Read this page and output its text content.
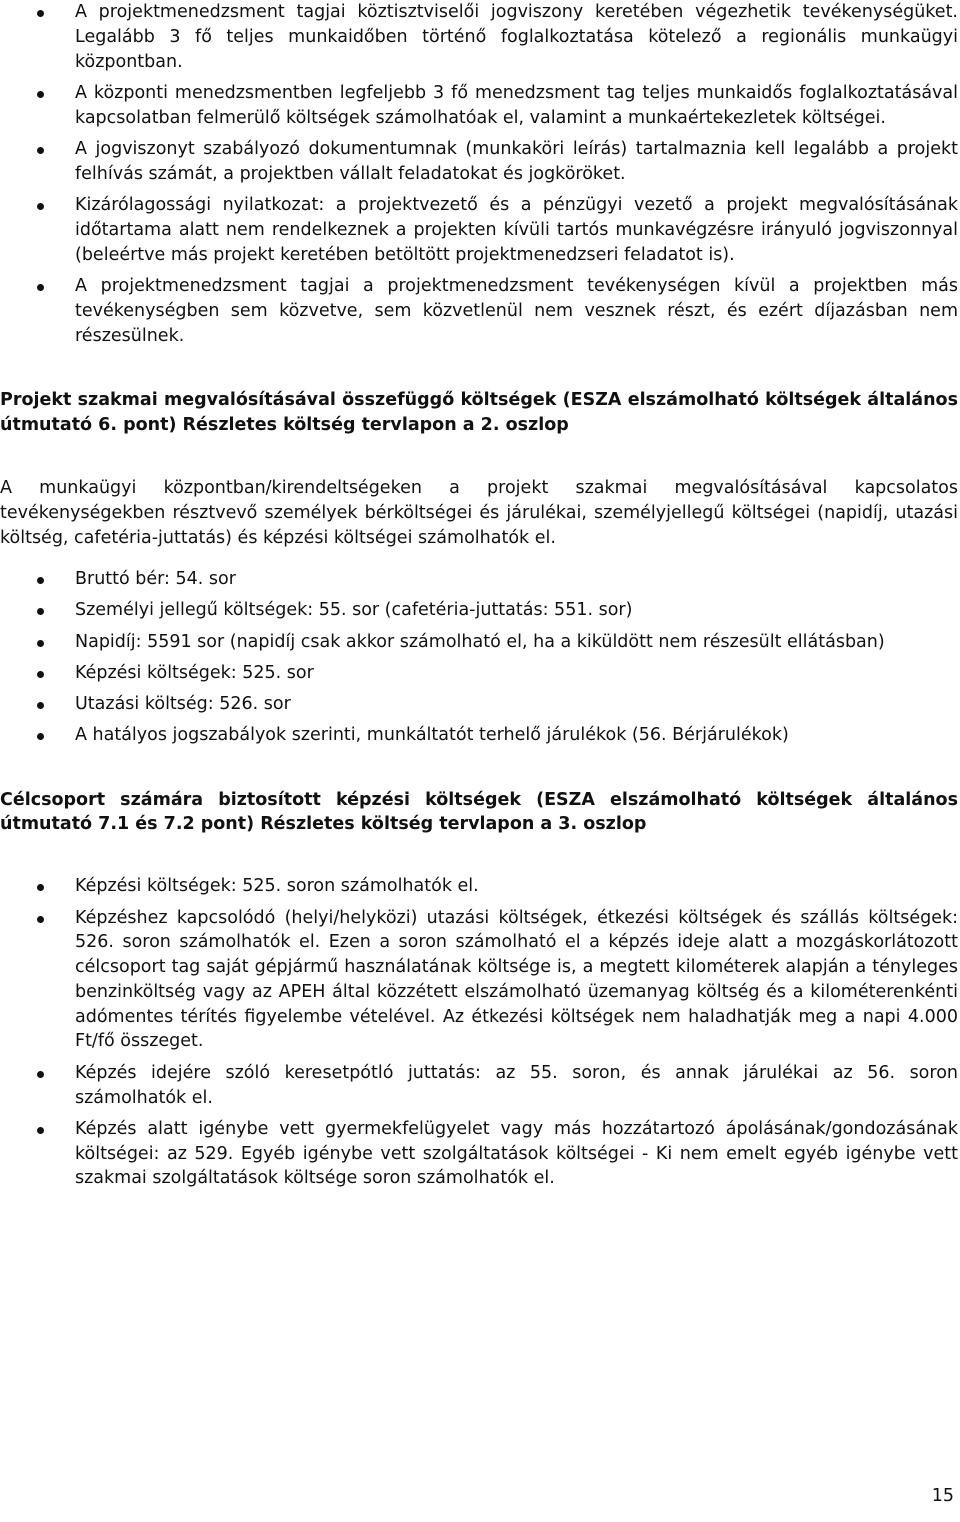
A projektmenedzsment tagjai köztisztviselői jogviszony keretében végezhetik tevékenységüket. Legalább 3 fő teljes munkaidőben történő foglalkoztatása kötelező a regionális munkaügyi központban.
A központi menedzsmentben legfeljebb 3 fő menedzsment tag teljes munkaidős foglalkoztatásával kapcsolatban felmerülő költségek számolhatóak el, valamint a munkaértekezletek költségei.
A jogviszonyt szabályozó dokumentumnak (munkaköri leírás) tartalmaznia kell legalább a projekt felhívás számát, a projektben vállalt feladatokat és jogköröket.
Kizárólagossági nyilatkozat: a projektvezető és a pénzügyi vezető a projekt megvalósításának időtartama alatt nem rendelkeznek a projekten kívüli tartós munkavégzésre irányuló jogviszonnyal (beleértve más projekt keretében betöltött projektmenedzseri feladatot is).
A projektmenedzsment tagjai a projektmenedzsment tevékenységen kívül a projektben más tevékenységben sem közvetve, sem közvetlenül nem vesznek részt, és ezért díjazásban nem részesülnek.

Projekt szakmai megvalósításával összefüggő költségek (ESZA elszámolható költségek általános útmutató 6. pont) Részletes költség tervlapon a 2. oszlop

A munkaügyi központban/kirendeltségeken a projekt szakmai megvalósításával kapcsolatos tevékenységekben résztvevő személyek bérköltségei és járulékai, személyjellegű költségei (napidíj, utazási költség, cafetéria-juttatás) és képzési költségei számolhatók el.

Bruttó bér: 54. sor
Személyi jellegű költségek: 55. sor (cafetéria-juttatás: 551. sor)
Napidíj: 5591 sor (napidíj csak akkor számolható el, ha a kiküldött nem részesült ellátásban)
Képzési költségek: 525. sor
Utazási költség: 526. sor
A hatályos jogszabályok szerinti, munkáltatót terhelő járulékok (56. Bérjárulékok)

Célcsoport számára biztosított képzési költségek (ESZA elszámolható költségek általános útmutató 7.1 és 7.2 pont) Részletes költség tervlapon a 3. oszlop

Képzési költségek: 525. soron számolhatók el.
Képzéshez kapcsolódó (helyi/helyközi) utazási költségek, étkezési költségek és szállás költségek: 526. soron számolhatók el. Ezen a soron számolható el a képzés ideje alatt a mozgáskorlátozott célcsoport tag saját gépjármű használatának költsége is, a megtett kilométerek alapján a tényleges benzinköltség vagy az APEH által közzétett elszámolható üzemanyag költség és a kilométerenkénti adómentes térítés figyelembe vételével. Az étkezési költségek nem haladhatják meg a napi 4.000 Ft/fő összeget.
Képzés idejére szóló keresetpótló juttatás: az 55. soron, és annak járulékai az 56. soron számolhatók el.
Képzés alatt igénybe vett gyermekfelügyelet vagy más hozzátartozó ápolásának/gondozásának költségei: az 529. Egyéb igénybe vett szolgáltatások költségei - Ki nem emelt egyéb igénybe vett szakmai szolgáltatások költsége soron számolhatók el.
15
